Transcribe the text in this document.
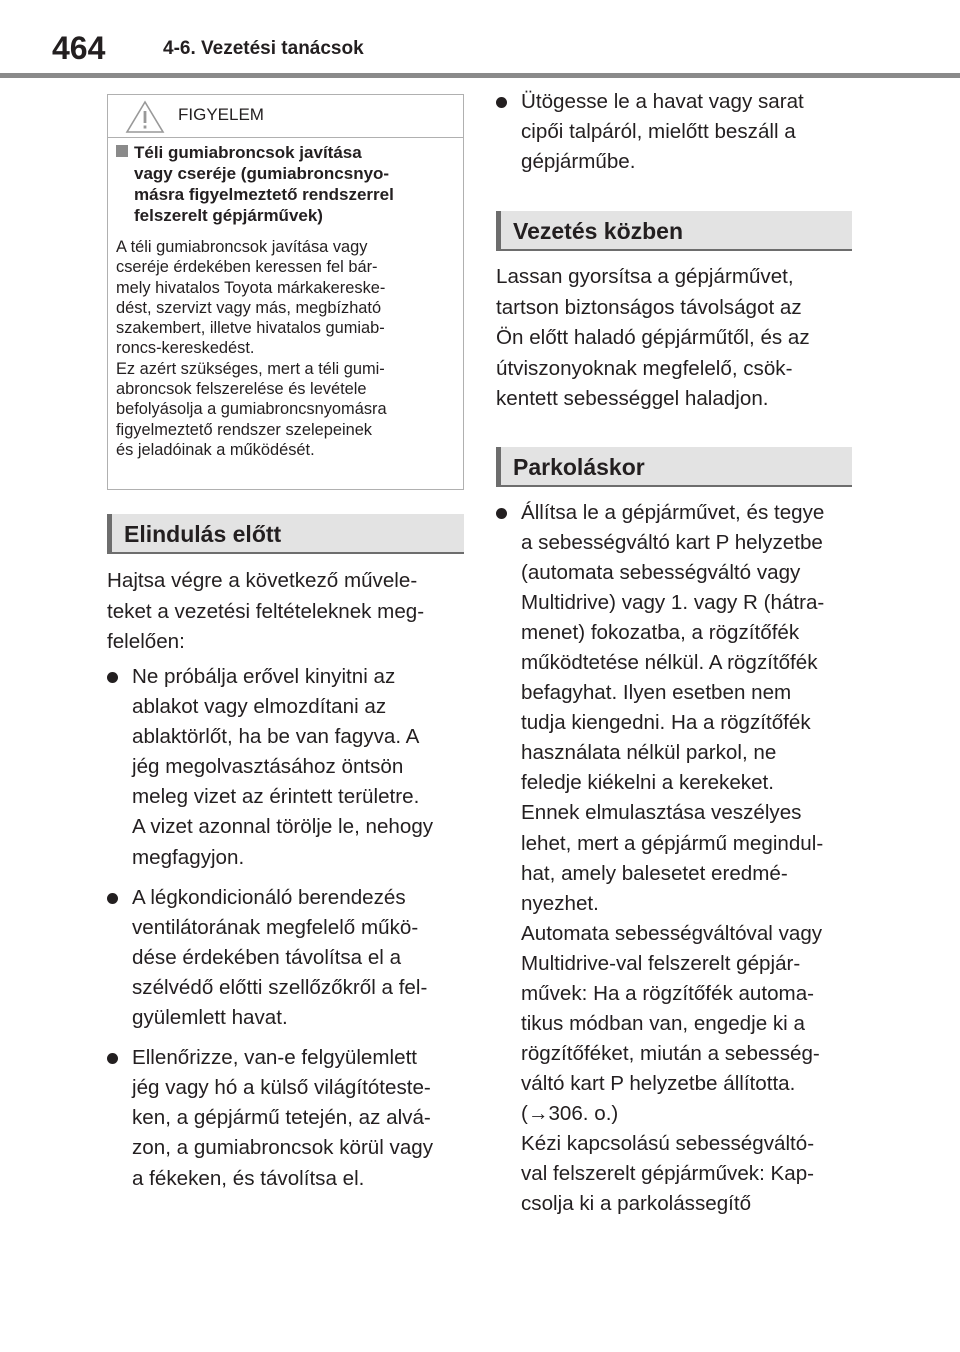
464	4-6. Vezetési tanácsok
FIGYELEM
Téli gumiabroncsok javítása
vagy cseréje (gumiabroncsnyo-
másra figyelmeztető rendszerrel
felszerelt gépjárművek)
A téli gumiabroncsok javítása vagy
cseréje érdekében keressen fel bár-
mely hivatalos Toyota márkakereske-
dést, szervizt vagy más, megbízható
szakembert, illetve hivatalos gumiab-
roncs-kereskedést.
Ez azért szükséges, mert a téli gumi-
abroncsok felszerelése és levétele
befolyásolja a gumiabroncsnyomásra
figyelmeztető rendszer szelepeinek
és jeladóinak a működését.
Elindulás előtt
Hajtsa végre a következő művele-
teket a vezetési feltételeknek meg-
felelően:
Ne próbálja erővel kinyitni az
ablakot vagy elmozdítani az
ablaktörlőt, ha be van fagyva. A
jég megolvasztásához öntsön
meleg vizet az érintett területre.
A vizet azonnal törölje le, nehogy
megfagyjon.
A légkondicionáló berendezés
ventilátorának megfelelő műkö-
dése érdekében távolítsa el a
szélvédő előtti szellőzőkről a fel-
gyülemlett havat.
Ellenőrizze, van-e felgyülemlett
jég vagy hó a külső világítóteste-
ken, a gépjármű tetején, az alvá-
zon, a gumiabroncsok körül vagy
a fékeken, és távolítsa el.
Ütögesse le a havat vagy sarat
cipői talpáról, mielőtt beszáll a
gépjárműbe.
Vezetés közben
Lassan gyorsítsa a gépjárművet,
tartson biztonságos távolságot az
Ön előtt haladó gépjárműtől, és az
útviszonyoknak megfelelő, csök-
kentett sebességgel haladjon.
Parkoláskor
Állítsa le a gépjárművet, és tegye
a sebességváltó kart P helyzetbe
(automata sebességváltó vagy
Multidrive) vagy 1. vagy R (hátra-
menet) fokozatba, a rögzítőfék
működtetése nélkül. A rögzítőfék
befagyhat. Ilyen esetben nem
tudja kiengedni. Ha a rögzítőfék
használata nélkül parkol, ne
feledje kiékelni a kerekeket.
Ennek elmulasztása veszélyes
lehet, mert a gépjármű megindul-
hat, amely balesetet eredmé-
nyezhet.
Automata sebességváltóval vagy
Multidrive-val felszerelt gépjár-
művek: Ha a rögzítőfék automa-
tikus módban van, engedje ki a
rögzítőféket, miután a sebesség-
váltó kart P helyzetbe állította.
(→306. o.)
Kézi kapcsolású sebességváltó-
val felszerelt gépjárművek: Kap-
csolja ki a parkolássegítő
